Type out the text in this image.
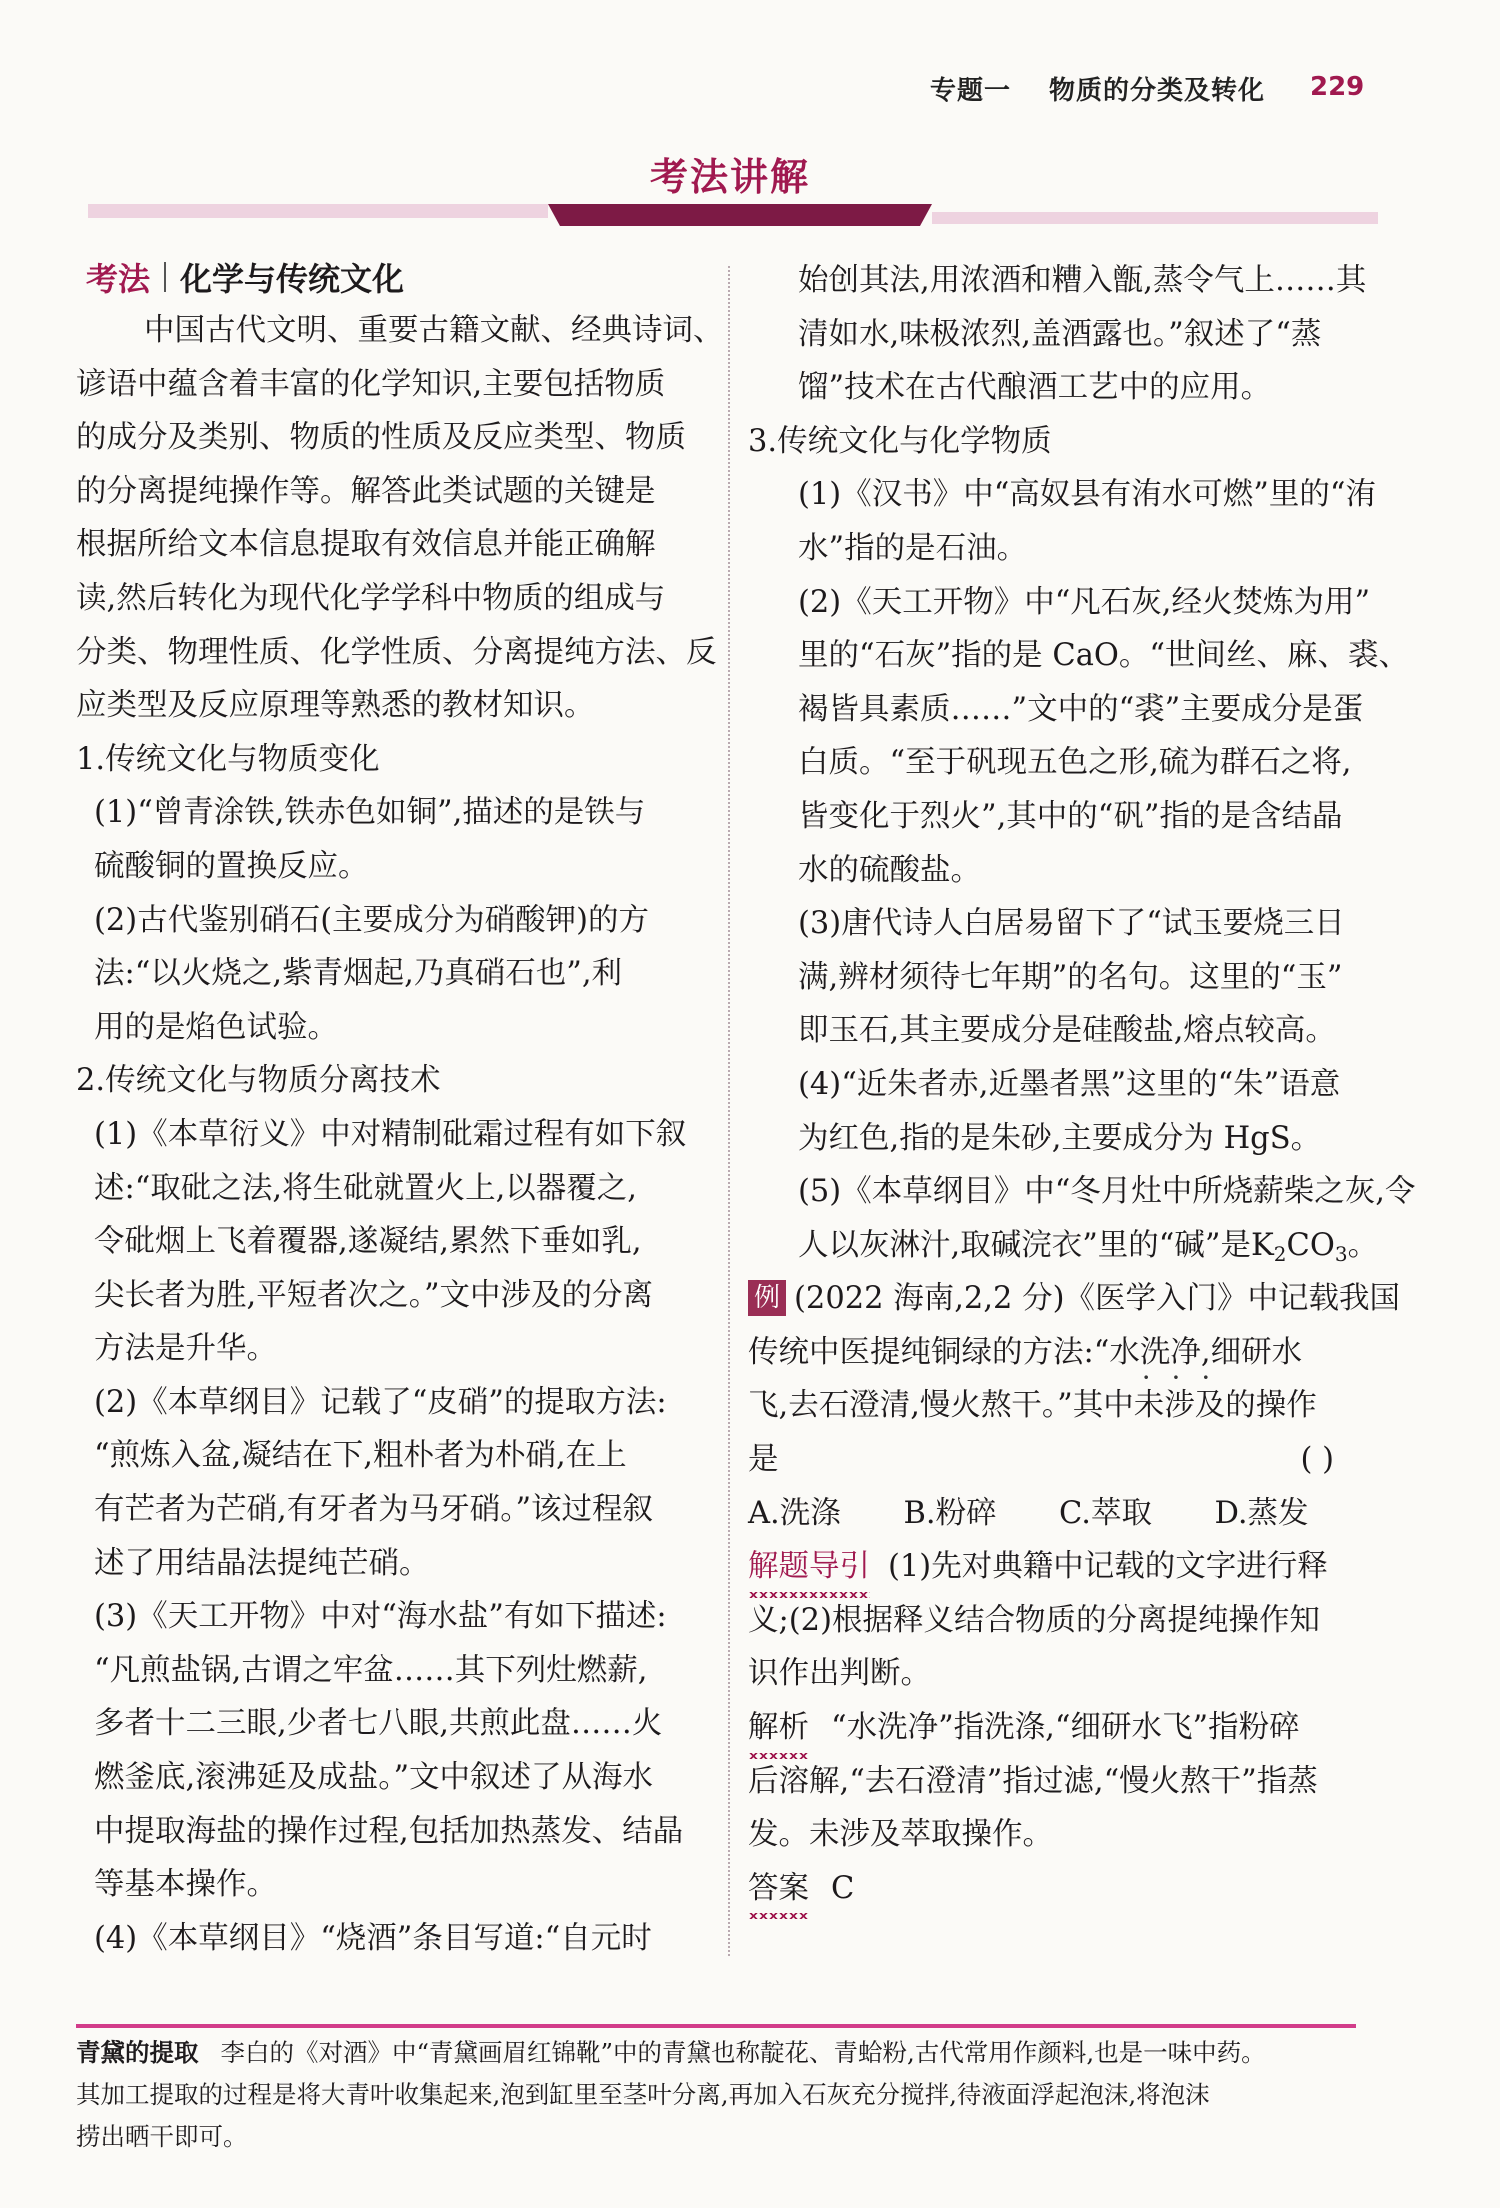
专题一 物质的分类及转化 229
考法讲解
考法 化学与传统文化
中国古代文明、重要古籍文献、经典诗词、
谚语中蕴含着丰富的化学知识,主要包括物质
的成分及类别、物质的性质及反应类型、物质
的分离提纯操作等。解答此类试题的关键是
根据所给文本信息提取有效信息并能正确解
读,然后转化为现代化学学科中物质的组成与
分类、物理性质、化学性质、分离提纯方法、反
应类型及反应原理等熟悉的教材知识。
1.传统文化与物质变化
(1)“曾青涂铁,铁赤色如铜”,描述的是铁与
硫酸铜的置换反应。
(2)古代鉴别硝石(主要成分为硝酸钾)的方
法:“以火烧之,紫青烟起,乃真硝石也”,利
用的是焰色试验。
2.传统文化与物质分离技术
(1)《本草衍义》中对精制砒霜过程有如下叙
述:“取砒之法,将生砒就置火上,以器覆之,
令砒烟上飞着覆器,遂凝结,累然下垂如乳,
尖长者为胜,平短者次之。”文中涉及的分离
方法是升华。
(2)《本草纲目》记载了“皮硝”的提取方法:
“煎炼入盆,凝结在下,粗朴者为朴硝,在上
有芒者为芒硝,有牙者为马牙硝。”该过程叙
述了用结晶法提纯芒硝。
(3)《天工开物》中对“海水盐”有如下描述:
“凡煎盐锅,古谓之牢盆……其下列灶燃薪,
多者十二三眼,少者七八眼,共煎此盘……火
燃釜底,滚沸延及成盐。”文中叙述了从海水
中提取海盐的操作过程,包括加热蒸发、结晶
等基本操作。
(4)《本草纲目》“烧酒”条目写道:“自元时
始创其法,用浓酒和糟入甑,蒸令气上……其
清如水,味极浓烈,盖酒露也。”叙述了“蒸
馏”技术在古代酿酒工艺中的应用。
3.传统文化与化学物质
(1)《汉书》中“高奴县有洧水可燃”里的“洧
水”指的是石油。
(2)《天工开物》中“凡石灰,经火焚炼为用”
里的“石灰”指的是 CaO。“世间丝、麻、裘、
褐皆具素质……”文中的“裘”主要成分是蛋
白质。“至于矾现五色之形,硫为群石之将,
皆变化于烈火”,其中的“矾”指的是含结晶
水的硫酸盐。
(3)唐代诗人白居易留下了“试玉要烧三日
满,辨材须待七年期”的名句。这里的“玉”
即玉石,其主要成分是硅酸盐,熔点较高。
(4)“近朱者赤,近墨者黑”这里的“朱”语意
为红色,指的是朱砂,主要成分为 HgS。
(5)《本草纲目》中“冬月灶中所烧薪柴之灰,令
人以灰淋汁,取碱浣衣”里的“碱”是$K_2CO_3$。
例 (2022 海南,2,2 分)《医学入门》中记载我国
传统中医提纯铜绿的方法:“水洗净,细研水
飞,去石澄清,慢火熬干。”其中· · · 未涉及的操作
是	( )
A.洗涤	B.粉碎	C.萃取	D.蒸发
解题导引 (1)先对典籍中记载的文字进行释
义;(2)根据释义结合物质的分离提纯操作知
识作出判断。
解析 “水洗净”指洗涤,“细研水飞”指粉碎
后溶解,“去石澄清”指过滤,“慢火熬干”指蒸
发。未涉及萃取操作。
答案 C
青黛的提取 李白的《对酒》中“青黛画眉红锦靴”中的青黛也称靛花、青蛤粉,古代常用作颜料,也是一味中药。
其加工提取的过程是将大青叶收集起来,泡到缸里至茎叶分离,再加入石灰充分搅拌,待液面浮起泡沫,将泡沫
捞出晒干即可。
